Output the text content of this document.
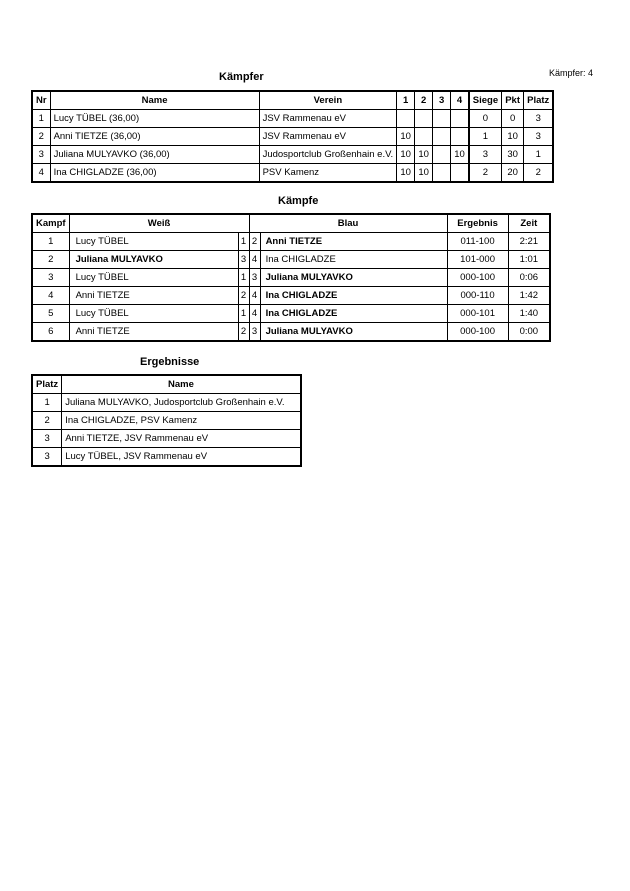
Kämpfer: 4
Kämpfer
Nr	Name	Verein	1	2	3	4	Siege	Pkt	Platz
1	Lucy TÜBEL (36,00)	JSV Rammenau eV					0	0	3
2	Anni TIETZE (36,00)	JSV Rammenau eV	10				1	10	3
3	Juliana MULYAVKO (36,00)	Judosportclub Großenhain e.V.	10	10		10	3	30	1
4	Ina CHIGLADZE (36,00)	PSV Kamenz	10	10			2	20	2
Kämpfe
Kampf	Weiß		Blau		Ergebnis	Zeit
1	Lucy TÜBEL	1	2	Anni TIETZE	011-100	2:21
2	Juliana MULYAVKO	3	4	Ina CHIGLADZE	101-000	1:01
3	Lucy TÜBEL	1	3	Juliana MULYAVKO	000-100	0:06
4	Anni TIETZE	2	4	Ina CHIGLADZE	000-110	1:42
5	Lucy TÜBEL	1	4	Ina CHIGLADZE	000-101	1:40
6	Anni TIETZE	2	3	Juliana MULYAVKO	000-100	0:00
Ergebnisse
Platz	Name
1	Juliana MULYAVKO, Judosportclub Großenhain e.V.
2	Ina CHIGLADZE, PSV Kamenz
3	Anni TIETZE, JSV Rammenau eV
3	Lucy TÜBEL, JSV Rammenau eV
